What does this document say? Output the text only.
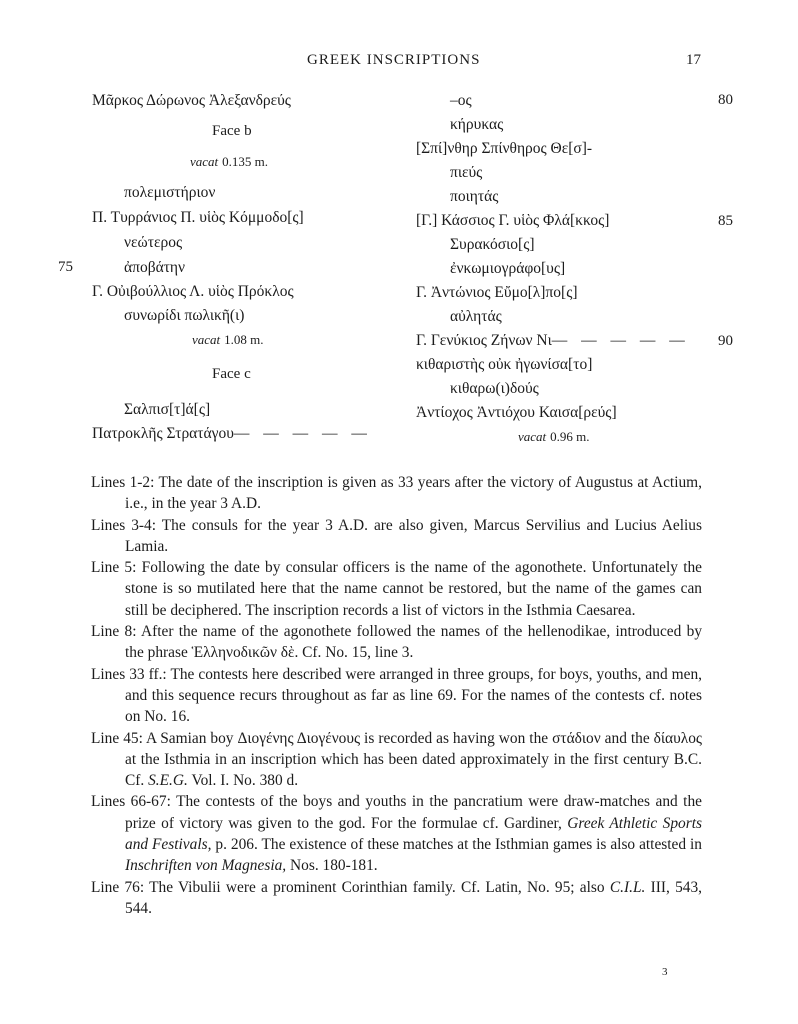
GREEK INSCRIPTIONS	17
Μᾶρκος Δώρωνος Ἀλεξανδρεύς
Face b
vacat 0.135 m.
πολεμιστήριον
Π. Τυρράνιος Π. υἱὸς Κόμμοδο[ς]
νεώτερος
ἀποβάτην
Γ. Οὐιβούλλιος Λ. υἱὸς Πρόκλος
συνωρίδι πωλικῆ(ι)
vacat 1.08 m.
Face c
Σαλπισ[τ]ά[ς]
Πατροκλῆς Στρατάγου— — — — —
–ος
κήρυκας
[Σπί]νθηρ Σπίνθηρος Θε[σ]-
πιεύς
ποιητάς
[Γ.] Κάσσιος Γ. υἱὸς Φλά[κκος]
Συρακόσιο[ς]
ἐνκωμιογράφο[υς]
Γ. Ἀντώνιος Εὔμο[λ]πο[ς]
αὐλητάς
Γ. Γενύκιος Ζήνων Νι— — — — —
κιθαριστὴς οὐκ ἠγωνίσα[το]
κιθαρω(ι)δούς
Ἀντίοχος Ἀντιόχου Καισα[ρεύς]
vacat 0.96 m.
75
80
85
90
Lines 1-2: The date of the inscription is given as 33 years after the victory of Augustus at Actium, i.e., in the year 3 A.D.
Lines 3-4: The consuls for the year 3 A.D. are also given, Marcus Servilius and Lucius Aelius Lamia.
Line 5: Following the date by consular officers is the name of the agonothete. Unfortunately the stone is so mutilated here that the name cannot be restored, but the name of the games can still be deciphered. The inscription records a list of victors in the Isthmia Caesarea.
Line 8: After the name of the agonothete followed the names of the hellenodikae, introduced by the phrase Ἑλληνοδικῶν δὲ. Cf. No. 15, line 3.
Lines 33 ff.: The contests here described were arranged in three groups, for boys, youths, and men, and this sequence recurs throughout as far as line 69. For the names of the contests cf. notes on No. 16.
Line 45: A Samian boy Διογένης Διογένους is recorded as having won the στάδιον and the δίαυλος at the Isthmia in an inscription which has been dated approximately in the first century B.C. Cf. S.E.G. Vol. I. No. 380 d.
Lines 66-67: The contests of the boys and youths in the pancratium were draw-matches and the prize of victory was given to the god. For the formulae cf. Gardiner, Greek Athletic Sports and Festivals, p. 206. The existence of these matches at the Isthmian games is also attested in Inschriften von Magnesia, Nos. 180-181.
Line 76: The Vibulii were a prominent Corinthian family. Cf. Latin, No. 95; also C.I.L. III, 543, 544.
3
